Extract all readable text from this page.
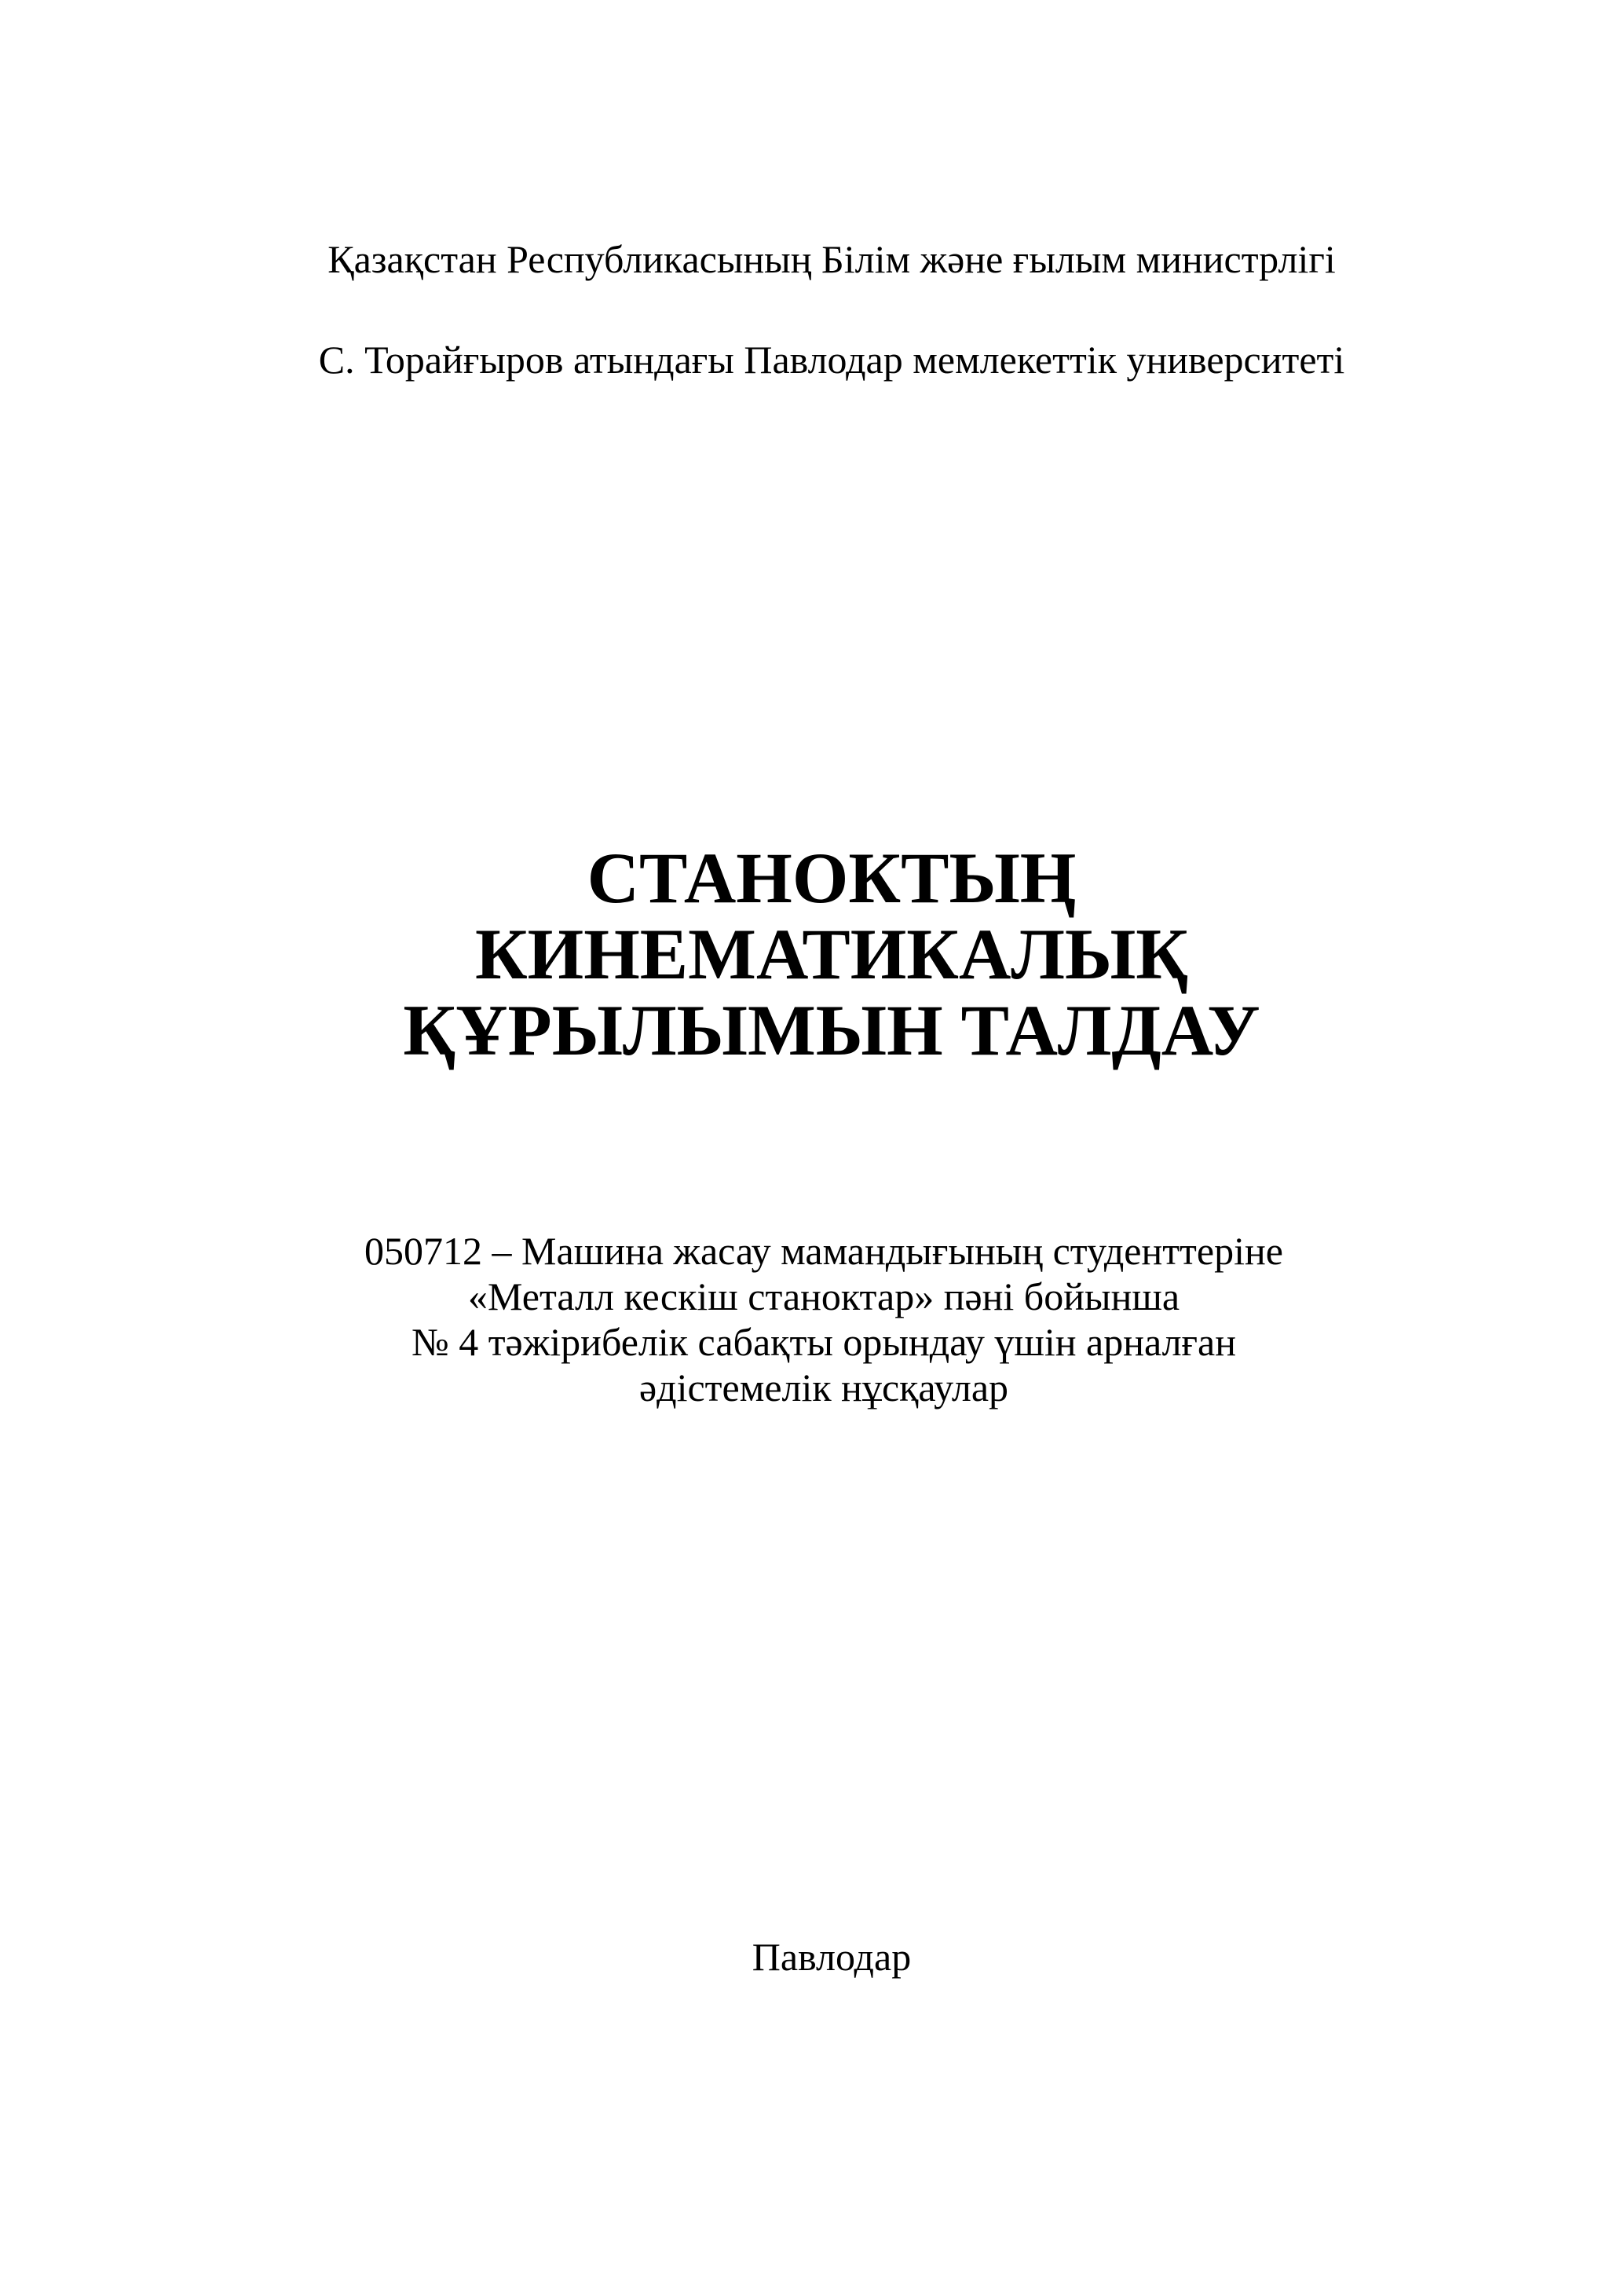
Қазақстан Республикасының Білім және ғылым министрлігі
С. Торайғыров атындағы Павлодар мемлекеттік университеті
СТАНОКТЫҢ
КИНЕМАТИКАЛЫҚ
ҚҰРЫЛЫМЫН ТАЛДАУ
050712 – Машина жасау мамандығының студенттеріне
«Металл кескіш станоктар» пәні бойынша
№ 4 тәжірибелік сабақты орындау үшін арналған
әдістемелік нұсқаулар
Павлодар
